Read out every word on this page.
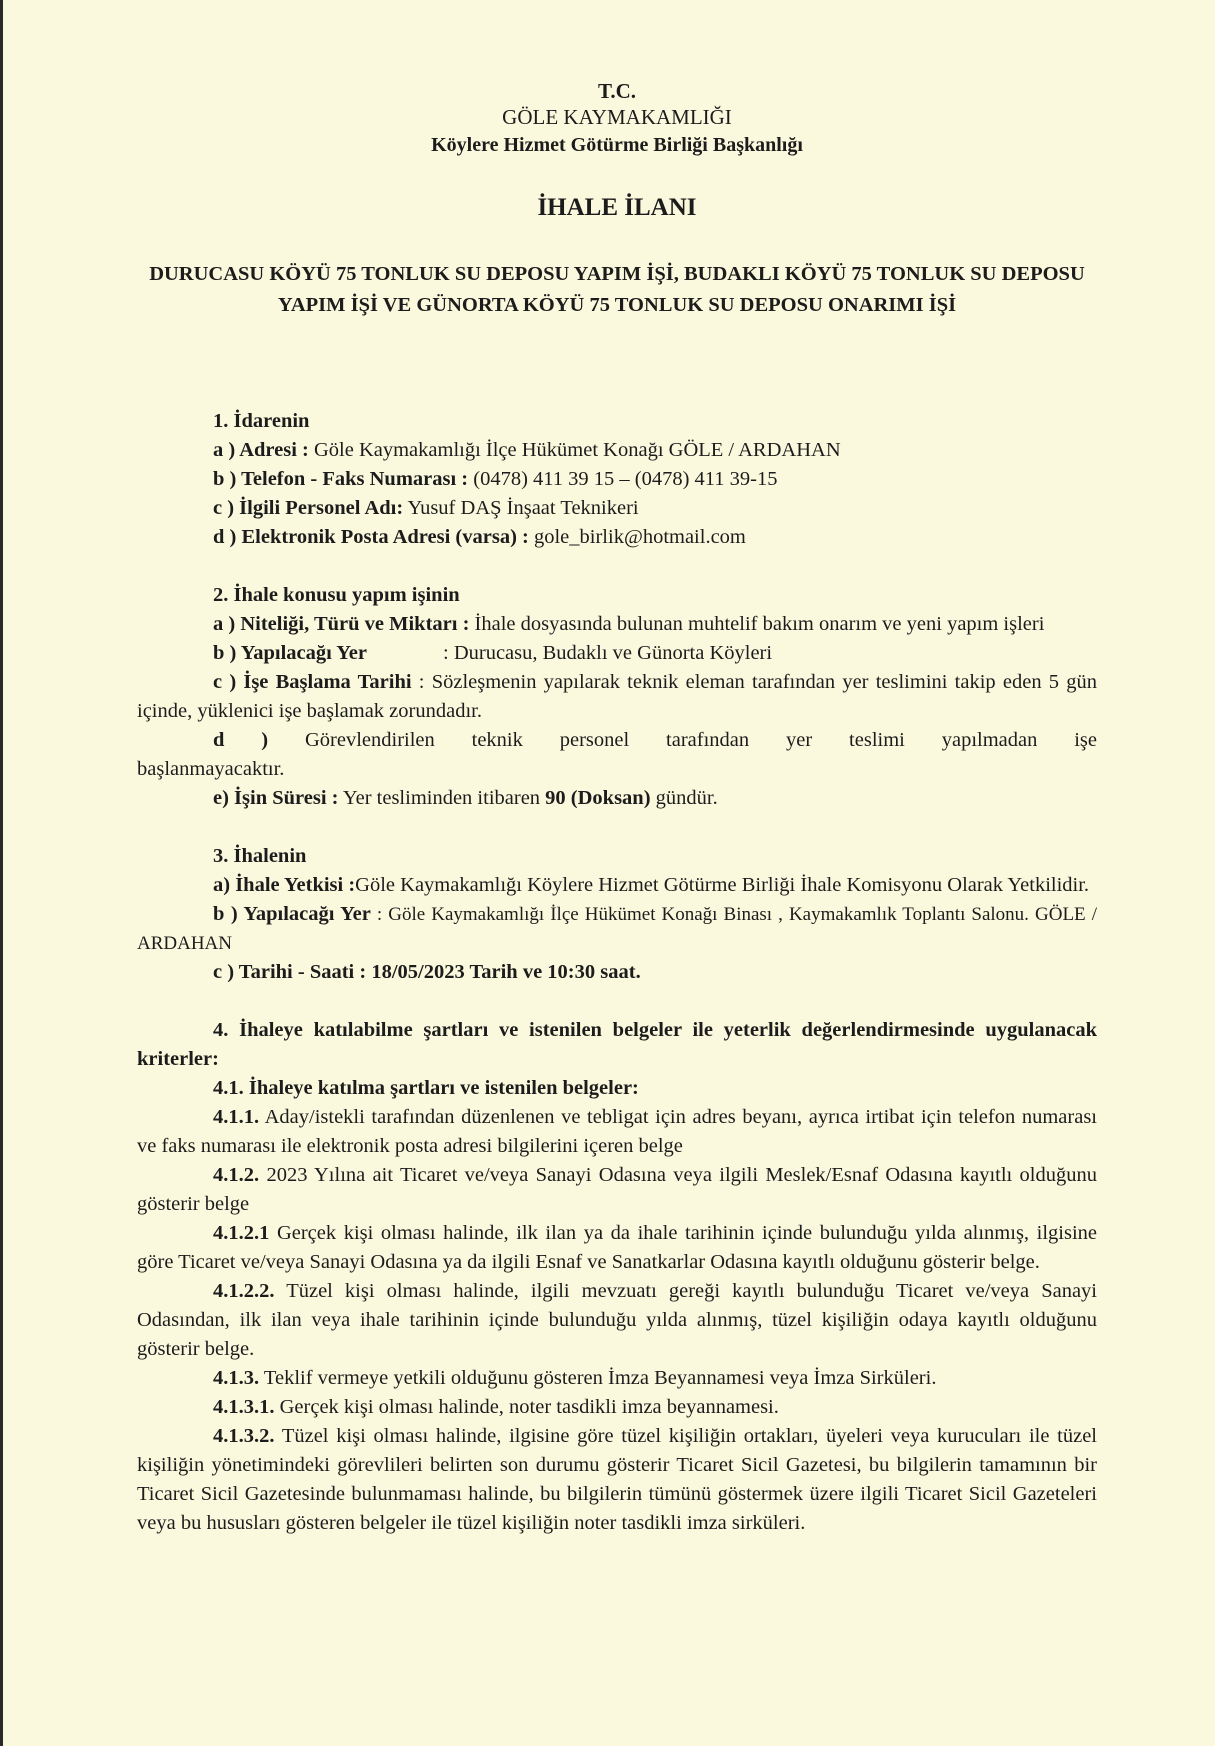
T.C.
GÖLE KAYMAKAMLIĞI
Köylere Hizmet Götürme Birliği Başkanlığı
İHALE İLANI
DURUCASU KÖYÜ 75 TONLUK SU DEPOSU YAPIM İŞİ, BUDAKLI KÖYÜ 75 TONLUK SU DEPOSU YAPIM İŞİ VE GÜNORTA KÖYÜ 75 TONLUK SU DEPOSU ONARIMI İŞİ
1. İdarenin
a ) Adresi : Göle Kaymakamlığı İlçe Hükümet Konağı GÖLE / ARDAHAN
b ) Telefon - Faks Numarası : (0478) 411 39 15 – (0478) 411 39-15
c ) İlgili Personel Adı: Yusuf DAŞ İnşaat Teknikeri
d ) Elektronik Posta Adresi (varsa) : gole_birlik@hotmail.com
2. İhale konusu yapım işinin
a ) Niteliği, Türü ve Miktarı : İhale dosyasında bulunan muhtelif bakım onarım ve yeni yapım işleri
b ) Yapılacağı Yer	: Durucasu, Budaklı ve Günorta Köyleri
c ) İşe Başlama Tarihi : Sözleşmenin yapılarak teknik eleman tarafından yer teslimini takip eden 5 gün içinde, yüklenici işe başlamak zorundadır.
d ) Görevlendirilen teknik personel tarafından yer teslimi yapılmadan işe başlanmayacaktır.
e) İşin Süresi : Yer tesliminden itibaren 90 (Doksan) gündür.
3. İhalenin
a) İhale Yetkisi :Göle Kaymakamlığı Köylere Hizmet Götürme Birliği İhale Komisyonu Olarak Yetkilidir.
b ) Yapılacağı Yer : Göle Kaymakamlığı İlçe Hükümet Konağı Binası , Kaymakamlık Toplantı Salonu. GÖLE / ARDAHAN
c ) Tarihi - Saati : 18/05/2023 Tarih ve 10:30 saat.
4. İhaleye katılabilme şartları ve istenilen belgeler ile yeterlik değerlendirmesinde uygulanacak kriterler:
4.1. İhaleye katılma şartları ve istenilen belgeler:
4.1.1. Aday/istekli tarafından düzenlenen ve tebligat için adres beyanı, ayrıca irtibat için telefon numarası ve faks numarası ile elektronik posta adresi bilgilerini içeren belge
4.1.2. 2023 Yılına ait Ticaret ve/veya Sanayi Odasına veya ilgili Meslek/Esnaf Odasına kayıtlı olduğunu gösterir belge
4.1.2.1 Gerçek kişi olması halinde, ilk ilan ya da ihale tarihinin içinde bulunduğu yılda alınmış, ilgisine göre Ticaret ve/veya Sanayi Odasına ya da ilgili Esnaf ve Sanatkarlar Odasına kayıtlı olduğunu gösterir belge.
4.1.2.2. Tüzel kişi olması halinde, ilgili mevzuatı gereği kayıtlı bulunduğu Ticaret ve/veya Sanayi Odasından, ilk ilan veya ihale tarihinin içinde bulunduğu yılda alınmış, tüzel kişiliğin odaya kayıtlı olduğunu gösterir belge.
4.1.3. Teklif vermeye yetkili olduğunu gösteren İmza Beyannamesi veya İmza Sirküleri.
4.1.3.1. Gerçek kişi olması halinde, noter tasdikli imza beyannamesi.
4.1.3.2. Tüzel kişi olması halinde, ilgisine göre tüzel kişiliğin ortakları, üyeleri veya kurucuları ile tüzel kişiliğin yönetimindeki görevlileri belirten son durumu gösterir Ticaret Sicil Gazetesi, bu bilgilerin tamamının bir Ticaret Sicil Gazetesinde bulunmaması halinde, bu bilgilerin tümünü göstermek üzere ilgili Ticaret Sicil Gazeteleri veya bu hususları gösteren belgeler ile tüzel kişiliğin noter tasdikli imza sirküleri.
